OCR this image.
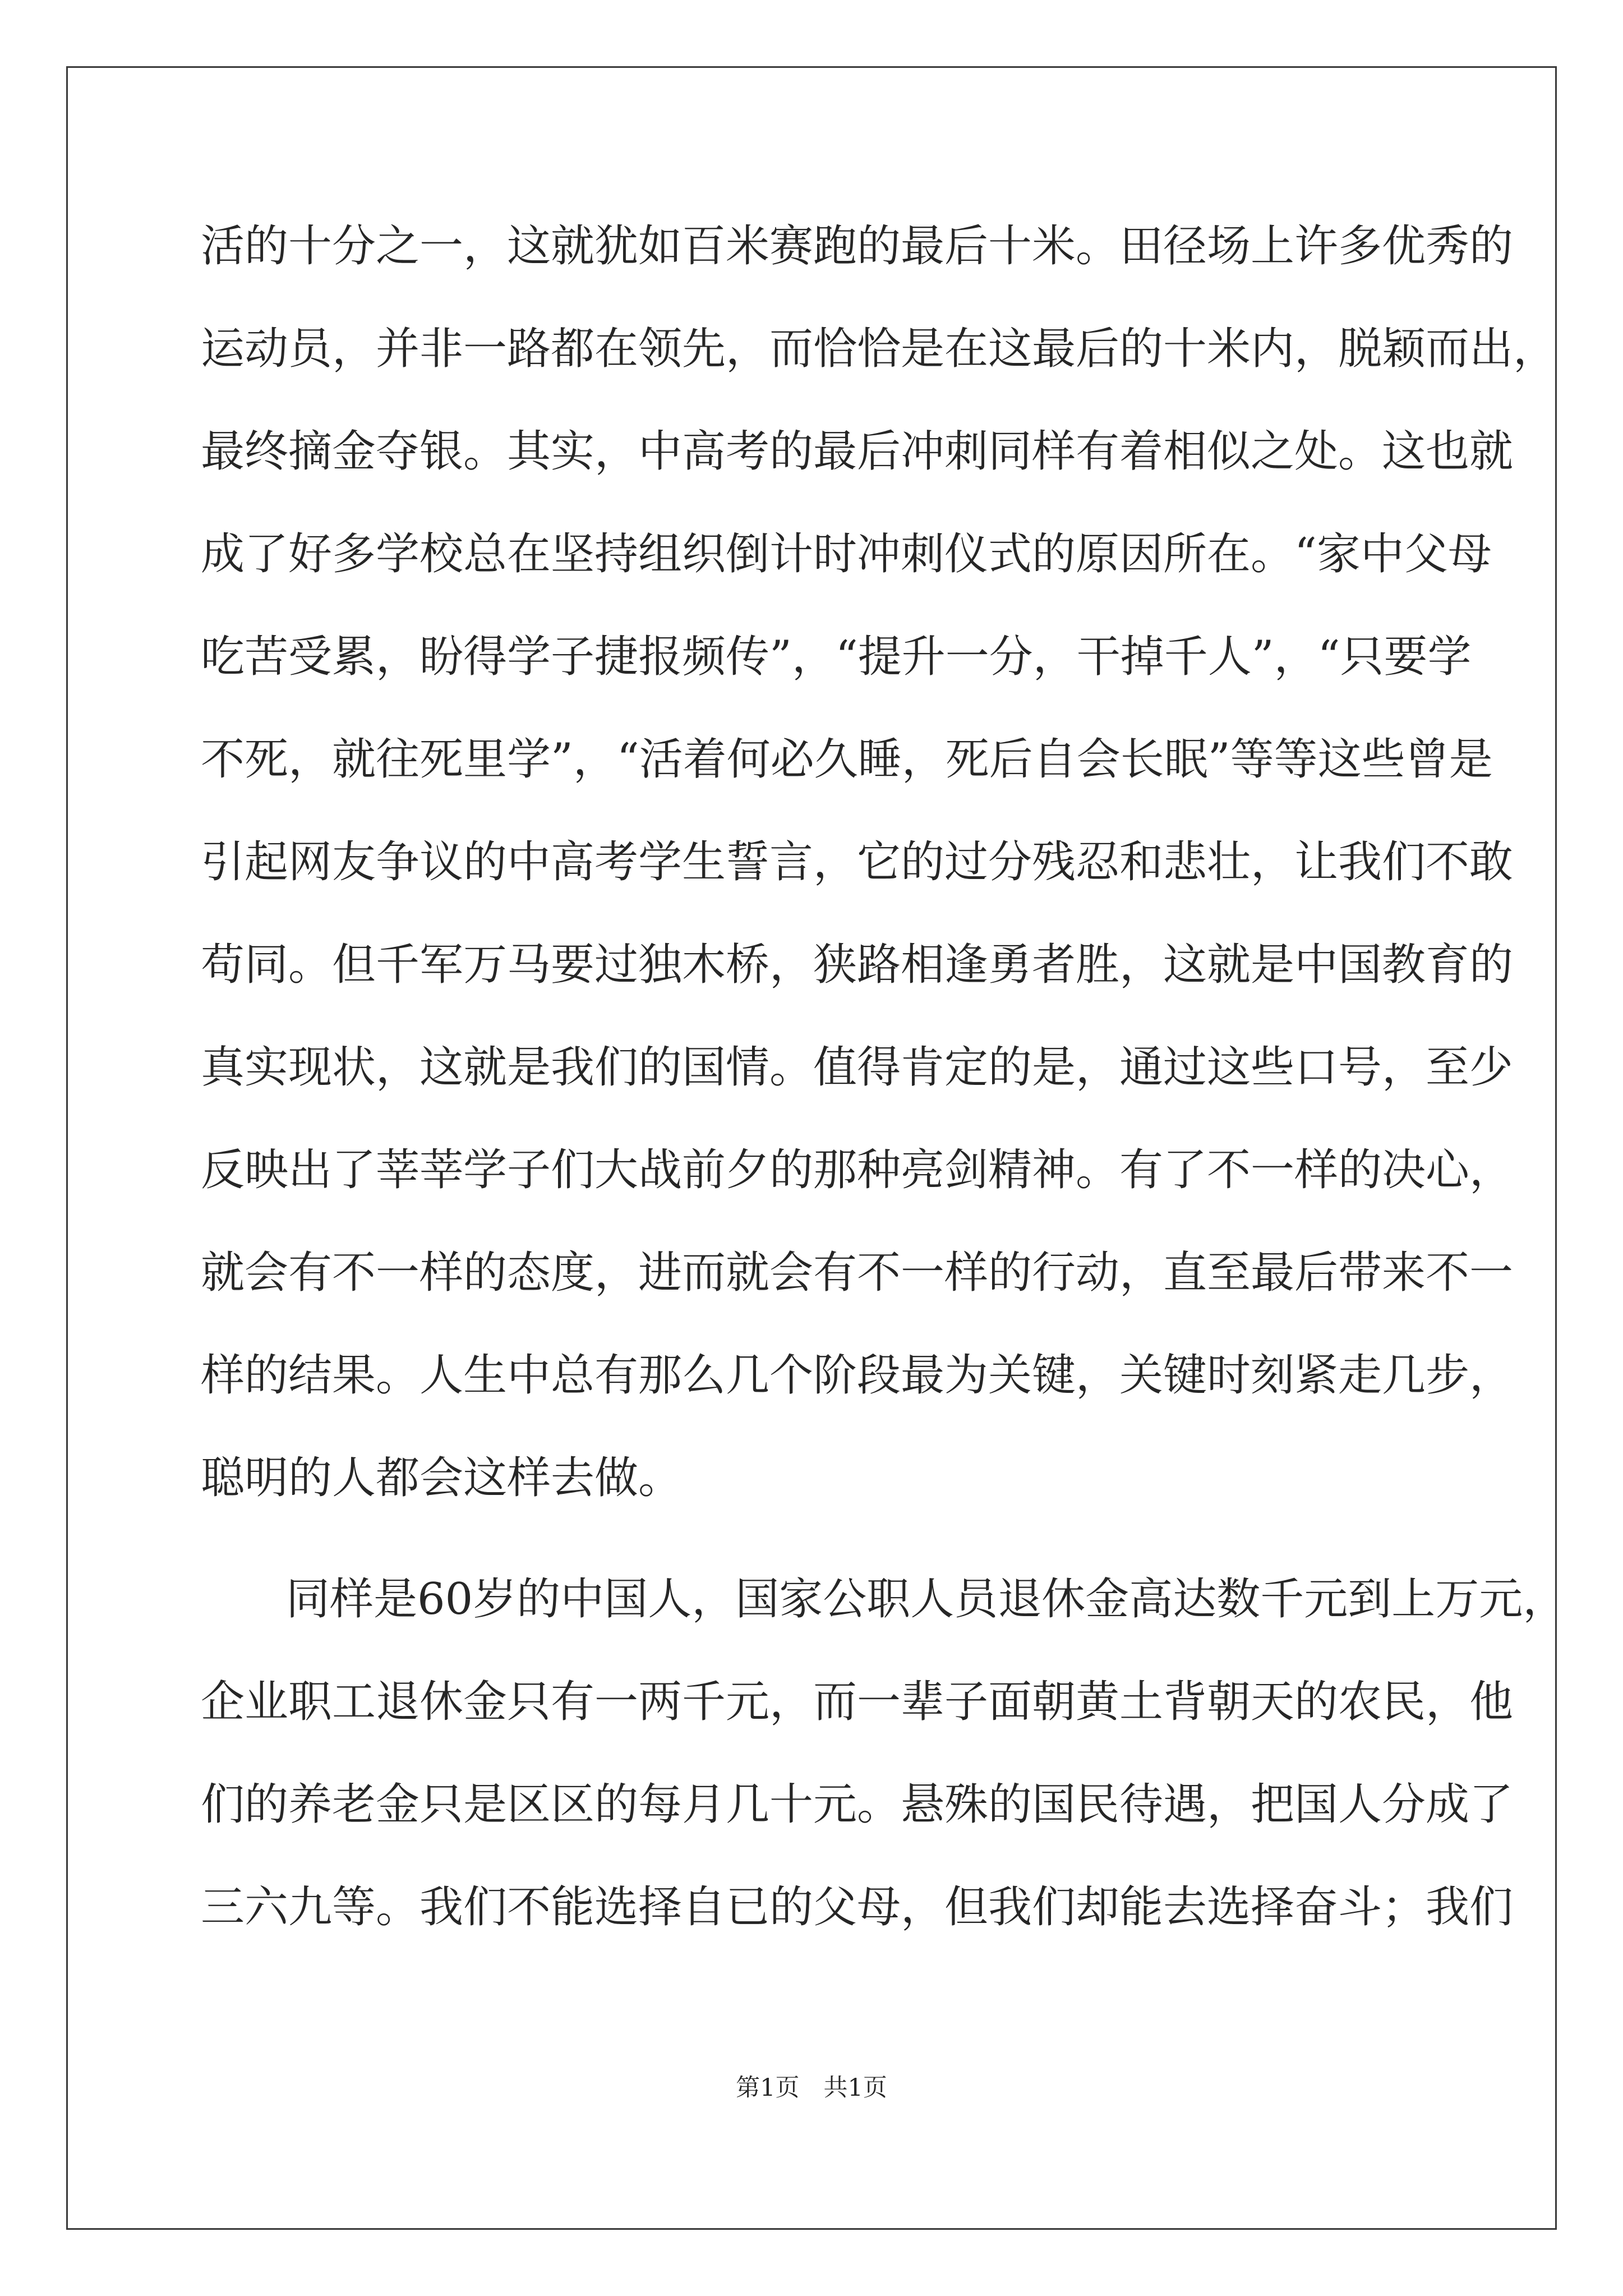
活的十分之一，这就犹如百米赛跑的最后十米。田径场上许多优秀的

运动员，并非一路都在领先，而恰恰是在这最后的十米内，脱颖而出，

最终摘金夺银。其实，中高考的最后冲刺同样有着相似之处。这也就

成了好多学校总在坚持组织倒计时冲刺仪式的原因所在。“家中父母

吃苦受累，盼得学子捷报频传”，“提升一分，干掉千人”，“只要学

不死，就往死里学”，“活着何必久睡，死后自会长眠”等等这些曾是

引起网友争议的中高考学生誓言，它的过分残忍和悲壮，让我们不敢

苟同。但千军万马要过独木桥，狭路相逢勇者胜，这就是中国教育的

真实现状，这就是我们的国情。值得肯定的是，通过这些口号，至少

反映出了莘莘学子们大战前夕的那种亮剑精神。有了不一样的决心，

就会有不一样的态度，进而就会有不一样的行动，直至最后带来不一

样的结果。人生中总有那么几个阶段最为关键，关键时刻紧走几步，

聪明的人都会这样去做。

同样是60岁的中国人，国家公职人员退休金高达数千元到上万元，

企业职工退休金只有一两千元，而一辈子面朝黄土背朝天的农民，他

们的养老金只是区区的每月几十元。悬殊的国民待遇，把国人分成了

三六九等。我们不能选择自已的父母，但我们却能去选择奋斗；我们

第1页　共1页
